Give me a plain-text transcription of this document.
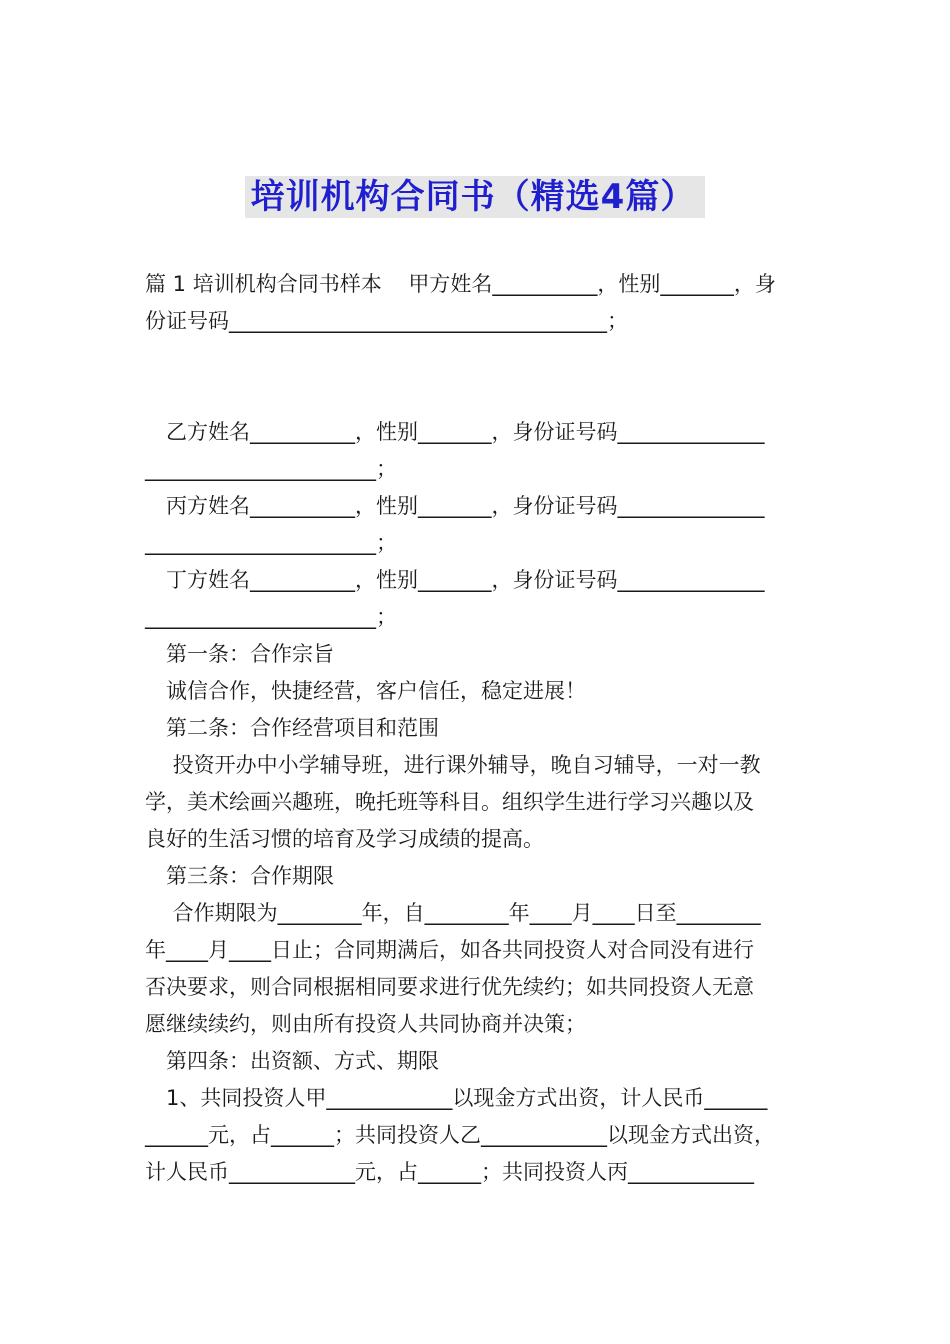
培训机构合同书（精选4篇）
篇 1 培训机构合同书样本    甲方姓名__________，性别_______，身
份证号码____________________________________；
乙方姓名__________，性别_______，身份证号码______________
______________________；
丙方姓名__________，性别_______，身份证号码______________
______________________；
丁方姓名__________，性别_______，身份证号码______________
______________________；
第一条：合作宗旨
诚信合作，快捷经营，客户信任，稳定进展！
第二条：合作经营项目和范围
投资开办中小学辅导班，进行课外辅导，晚自习辅导，一对一教
学，美术绘画兴趣班，晚托班等科目。组织学生进行学习兴趣以及
良好的生活习惯的培育及学习成绩的提高。
第三条：合作期限
合作期限为________年，自________年____月____日至________
年____月____日止；合同期满后，如各共同投资人对合同没有进行
否决要求，则合同根据相同要求进行优先续约；如共同投资人无意
愿继续续约，则由所有投资人共同协商并决策；
第四条：出资额、方式、期限
1、共同投资人甲____________以现金方式出资，计人民币______
______元，占______；共同投资人乙____________以现金方式出资，
计人民币____________元，占______；共同投资人丙____________
